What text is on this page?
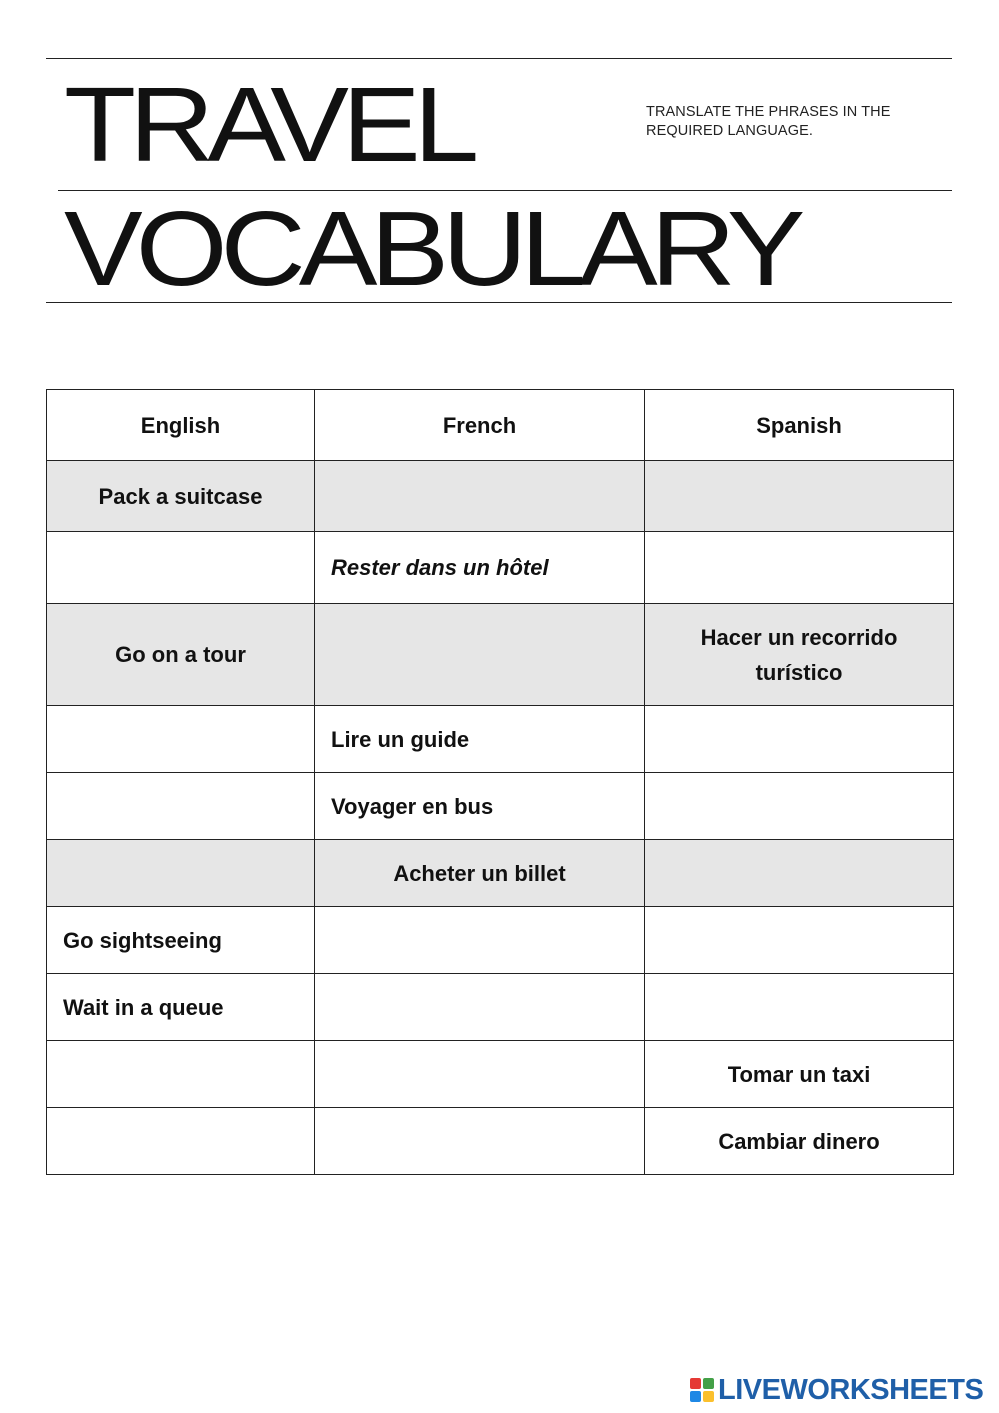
TRAVEL	TRANSLATE THE PHRASES IN THE REQUIRED LANGUAGE.
VOCABULARY
English	French	Spanish
Pack a suitcase		
	Rester dans un hôtel	
Go on a tour		Hacer un recorrido turístico
	Lire un guide	
	Voyager en bus	
	Acheter un billet	
Go sightseeing		
Wait in a queue		
		Tomar un taxi
		Cambiar dinero
LIVEWORKSHEETS
